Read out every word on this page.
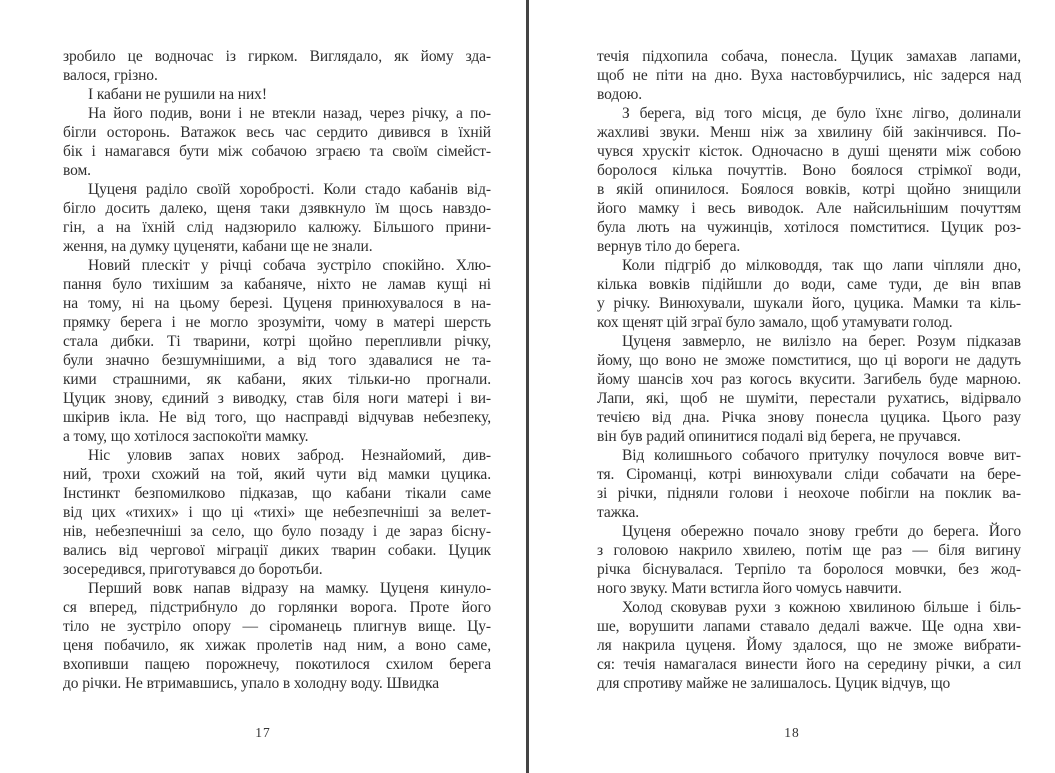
зробило це водночас із гирком. Виглядало, як йому зда-
валося, грізно.
І кабани не рушили на них!
На його подив, вони і не втекли назад, через річку, а по-
бігли осторонь. Ватажок весь час сердито дивився в їхній
бік і намагався бути між собачою зграєю та своїм сімейст-
вом.
Цуценя раділо своїй хоробрості. Коли стадо кабанів від-
бігло досить далеко, щеня таки дзявкнуло їм щось навздо-
гін, а на їхній слід надзюрило калюжу. Більшого прини-
ження, на думку цуценяти, кабани ще не знали.
Новий плескіт у річці собача зустріло спокійно. Хлю-
пання було тихішим за кабаняче, ніхто не ламав кущі ні
на тому, ні на цьому березі. Цуценя принюхувалося в на-
прямку берега і не могло зрозуміти, чому в матері шерсть
стала дибки. Ті тварини, котрі щойно перепливли річку,
були значно безшумнішими, а від того здавалися не та-
кими страшними, як кабани, яких тільки-но прогнали.
Цуцик знову, єдиний з виводку, став біля ноги матері і ви-
шкірив ікла. Не від того, що насправді відчував небезпеку,
а тому, що хотілося заспокоїти мамку.
Ніс уловив запах нових заброд. Незнайомий, див-
ний, трохи схожий на той, який чути від мамки цуцика.
Інстинкт безпомилково підказав, що кабани тікали саме
від цих «тихих» і що ці «тихі» ще небезпечніші за велет-
нів, небезпечніші за село, що було позаду і де зараз бісну-
вались від чергової міграції диких тварин собаки. Цуцик
зосередився, приготувався до боротьби.
Перший вовк напав відразу на мамку. Цуценя кинуло-
ся вперед, підстрибнуло до горлянки ворога. Проте його
тіло не зустріло опору — сіроманець плигнув вище. Цу-
ценя побачило, як хижак пролетів над ним, а воно саме,
вхопивши пащею порожнечу, покотилося схилом берега
до річки. Не втримавшись, упало в холодну воду. Швидка
17
течія підхопила собача, понесла. Цуцик замахав лапами,
щоб не піти на дно. Вуха настовбурчились, ніс задерся над
водою.
З берега, від того місця, де було їхнє лігво, долинали
жахливі звуки. Менш ніж за хвилину бій закінчився. По-
чувся хрускіт кісток. Одночасно в душі щеняти між собою
боролося кілька почуттів. Воно боялося стрімкої води,
в якій опинилося. Боялося вовків, котрі щойно знищили
його мамку і весь виводок. Але найсильнішим почуттям
була лють на чужинців, хотілося помститися. Цуцик роз-
вернув тіло до берега.
Коли підгріб до мілководдя, так що лапи чіпляли дно,
кілька вовків підійшли до води, саме туди, де він впав
у річку. Винюхували, шукали його, цуцика. Мамки та кіль-
кох щенят цій зграї було замало, щоб утамувати голод.
Цуценя завмерло, не вилізло на берег. Розум підказав
йому, що воно не зможе помститися, що ці вороги не дадуть
йому шансів хоч раз когось вкусити. Загибель буде марною.
Лапи, які, щоб не шуміти, перестали рухатись, відірвало
течією від дна. Річка знову понесла цуцика. Цього разу
він був радий опинитися подалі від берега, не пручався.
Від колишнього собачого притулку почулося вовче вит-
тя. Сіроманці, котрі винюхували сліди собачати на бере-
зі річки, підняли голови і неохоче побігли на поклик ва-
тажка.
Цуценя обережно почало знову гребти до берега. Його
з головою накрило хвилею, потім ще раз — біля вигину
річка біснувалася. Терпіло та боролося мовчки, без жод-
ного звуку. Мати встигла його чомусь навчити.
Холод сковував рухи з кожною хвилиною більше і біль-
ше, ворушити лапами ставало дедалі важче. Ще одна хви-
ля накрила цуценя. Йому здалося, що не зможе вибрати-
ся: течія намагалася винести його на середину річки, а сил
для спротиву майже не залишалось. Цуцик відчув, що
18
